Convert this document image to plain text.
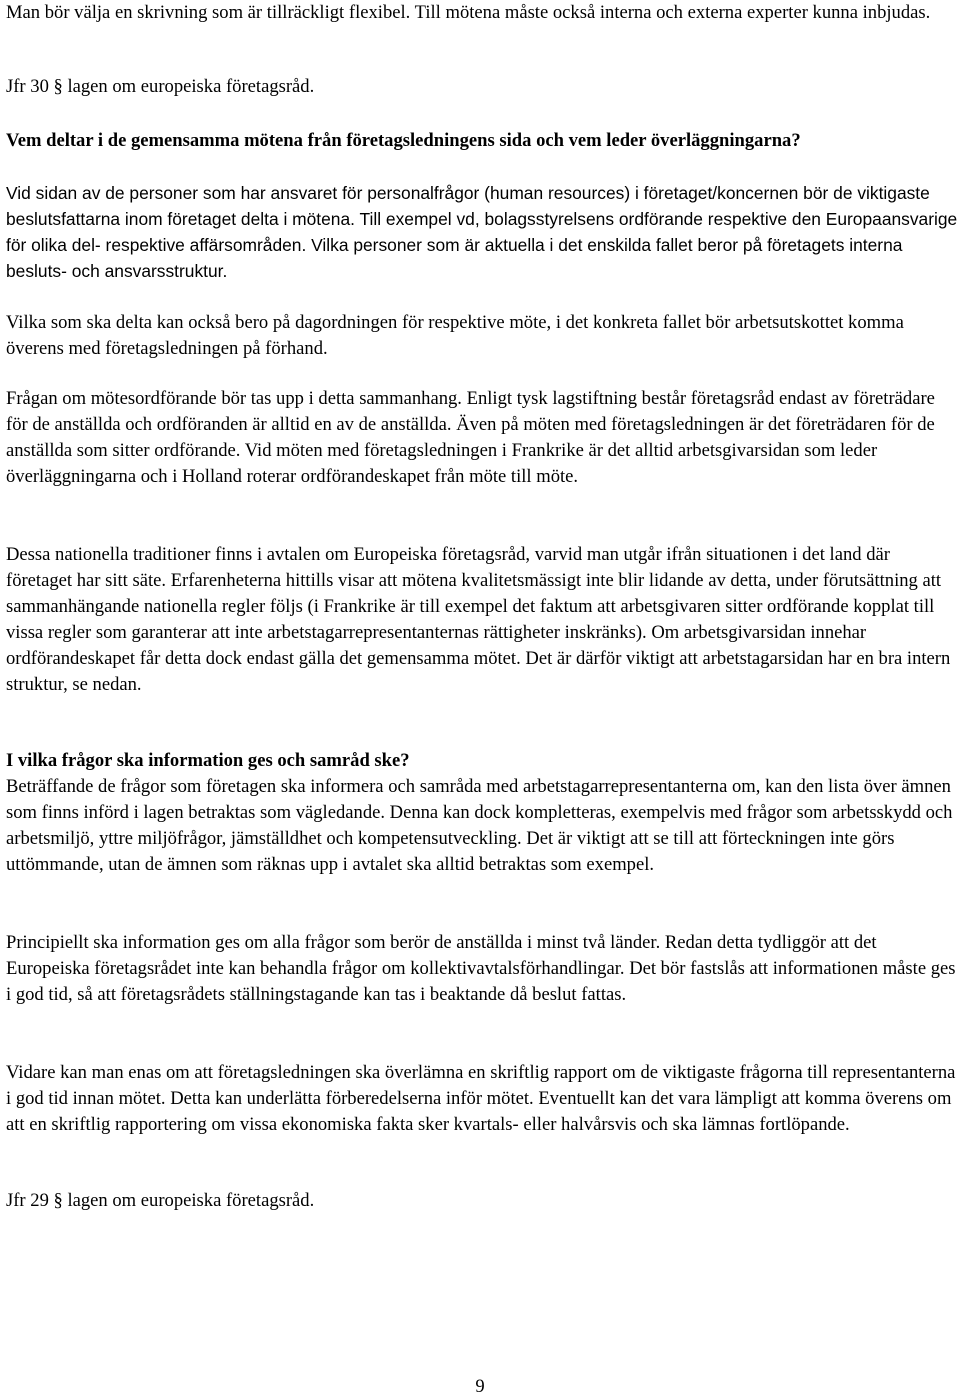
Man bör välja en skrivning som är tillräckligt flexibel. Till mötena måste också interna och externa experter kunna inbjudas.

Jfr 30 § lagen om europeiska företagsråd.

Vem deltar i de gemensamma mötena från företagsledningens sida och vem leder överläggningarna?

Vid sidan av de personer som har ansvaret för personalfrågor (human resources) i företaget/koncernen bör de viktigaste beslutsfattarna inom företaget delta i mötena. Till exempel vd, bolagsstyrelsens ordförande respektive den Europaansvarige för olika del- respektive affärsområden. Vilka personer som är aktuella i det enskilda fallet beror på företagets interna besluts- och ansvarsstruktur.

Vilka som ska delta kan också bero på dagordningen för respektive möte, i det konkreta fallet bör arbetsutskottet komma överens med företagsledningen på förhand.

Frågan om mötesordförande bör tas upp i detta sammanhang. Enligt tysk lagstiftning består företagsråd endast av företrädare för de anställda och ordföranden är alltid en av de anställda. Även på möten med företagsledningen är det företrädaren för de anställda som sitter ordförande. Vid möten med företagsledningen i Frankrike är det alltid arbetsgivarsidan som leder överläggningarna och i Holland roterar ordförandeskapet från möte till möte.

Dessa nationella traditioner finns i avtalen om Europeiska företagsråd, varvid man utgår ifrån situationen i det land där företaget har sitt säte. Erfarenheterna hittills visar att mötena kvalitetsmässigt inte blir lidande av detta, under förutsättning att sammanhängande nationella regler följs (i Frankrike är till exempel det faktum att arbetsgivaren sitter ordförande kopplat till vissa regler som garanterar att inte arbetstagarrepresentanternas rättigheter inskränks). Om arbetsgivarsidan innehar ordförandeskapet får detta dock endast gälla det gemensamma mötet. Det är därför viktigt att arbetstagarsidan har en bra intern struktur, se nedan.

I vilka frågor ska information ges och samråd ske?

Beträffande de frågor som företagen ska informera och samråda med arbetstagarrepresentanterna om, kan den lista över ämnen som finns införd i lagen betraktas som vägledande. Denna kan dock kompletteras, exempelvis med frågor som arbetsskydd och arbetsmiljö, yttre miljöfrågor, jämställdhet och kompetensutveckling. Det är viktigt att se till att förteckningen inte görs uttömmande, utan de ämnen som räknas upp i avtalet ska alltid betraktas som exempel.

Principiellt ska information ges om alla frågor som berör de anställda i minst två länder. Redan detta tydliggör att det Europeiska företagsrådet inte kan behandla frågor om kollektivavtalsförhandlingar. Det bör fastslås att informationen måste ges i god tid, så att företagsrådets ställningstagande kan tas i beaktande då beslut fattas.

Vidare kan man enas om att företagsledningen ska överlämna en skriftlig rapport om de viktigaste frågorna till representanterna i god tid innan mötet. Detta kan underlätta förberedelserna inför mötet. Eventuellt kan det vara lämpligt att komma överens om att en skriftlig rapportering om vissa ekonomiska fakta sker kvartals- eller halvårsvis och ska lämnas fortlöpande.

Jfr 29 § lagen om europeiska företagsråd.

9
